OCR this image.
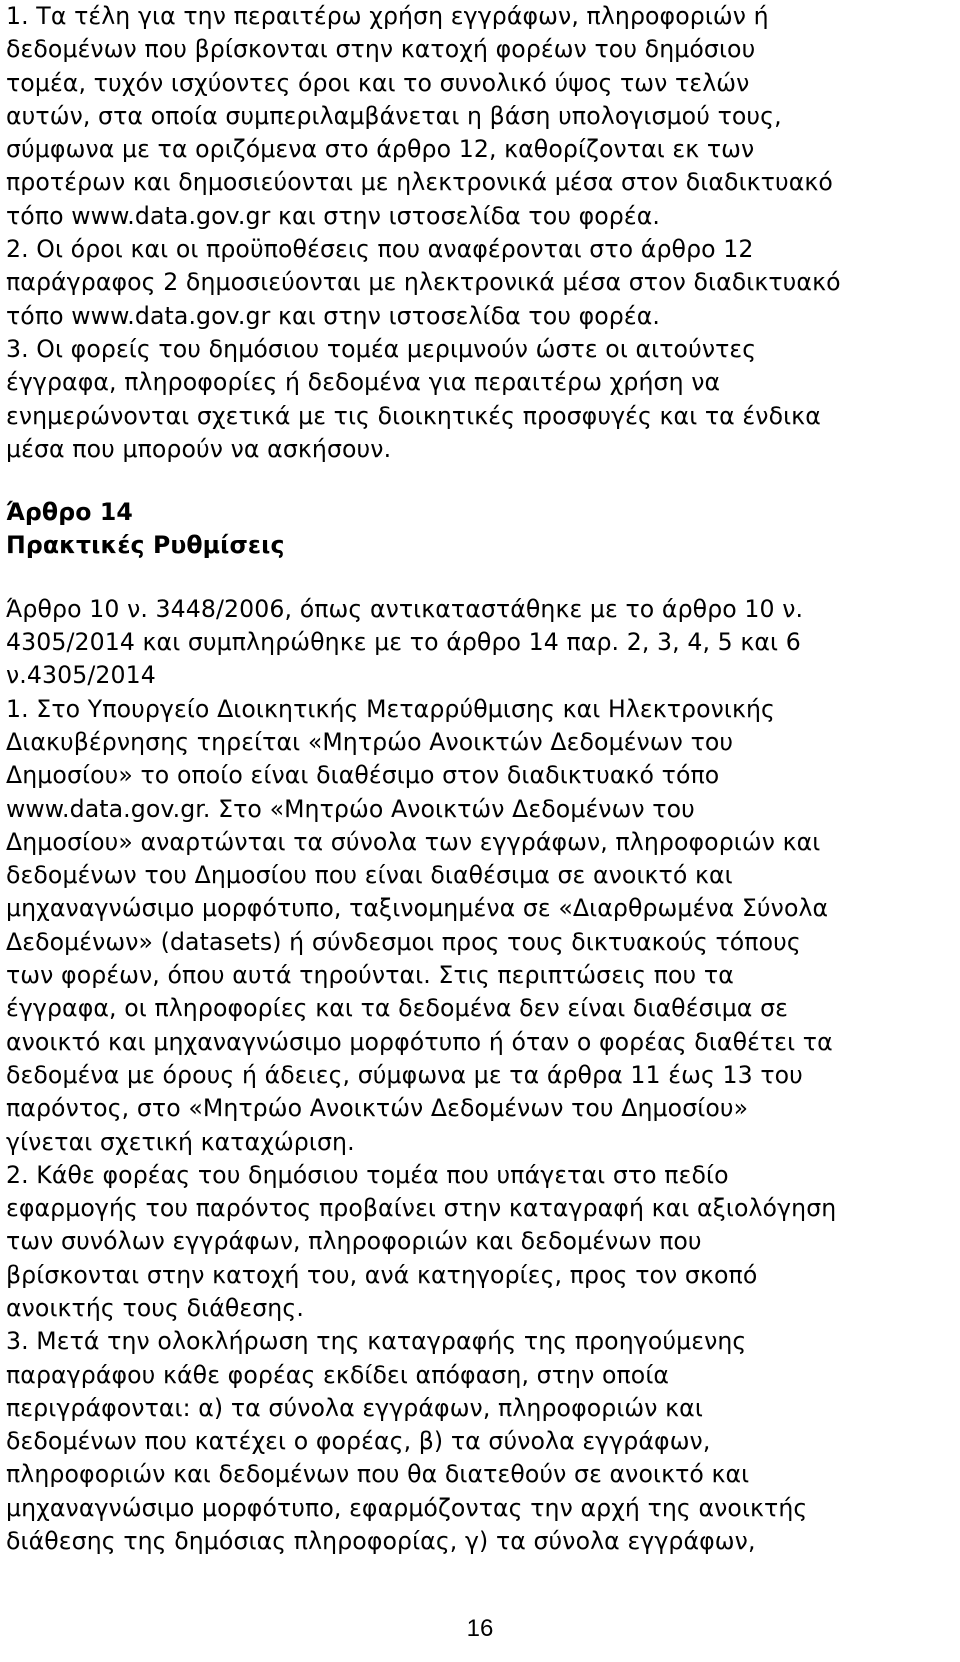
1. Τα τέλη για την περαιτέρω χρήση εγγράφων, πληροφοριών ή
δεδομένων που βρίσκονται στην κατοχή φορέων του δημόσιου
τομέα, τυχόν ισχύοντες όροι και το συνολικό ύψος των τελών
αυτών, στα οποία συμπεριλαμβάνεται η βάση υπολογισμού τους,
σύμφωνα με τα οριζόμενα στο άρθρο 12, καθορίζονται εκ των
προτέρων και δημοσιεύονται με ηλεκτρονικά μέσα στον διαδικτυακό
τόπο www.data.gov.gr και στην ιστοσελίδα του φορέα.
2. Οι όροι και οι προϋποθέσεις που αναφέρονται στο άρθρο 12
παράγραφος 2 δημοσιεύονται με ηλεκτρονικά μέσα στον διαδικτυακό
τόπο www.data.gov.gr και στην ιστοσελίδα του φορέα.
3. Οι φορείς του δημόσιου τομέα μεριμνούν ώστε οι αιτούντες
έγγραφα, πληροφορίες ή δεδομένα για περαιτέρω χρήση να
ενημερώνονται σχετικά με τις διοικητικές προσφυγές και τα ένδικα
μέσα που μπορούν να ασκήσουν.
Άρθρο 14
Πρακτικές Ρυθμίσεις
Άρθρο 10 ν. 3448/2006, όπως αντικαταστάθηκε με το άρθρο 10 ν.
4305/2014 και συμπληρώθηκε με το άρθρο 14 παρ. 2, 3, 4, 5 και 6
ν.4305/2014
1. Στο Υπουργείο Διοικητικής Μεταρρύθμισης και Ηλεκτρονικής
Διακυβέρνησης τηρείται «Μητρώο Ανοικτών Δεδομένων του
Δημοσίου» το οποίο είναι διαθέσιμο στον διαδικτυακό τόπο
www.data.gov.gr. Στο «Μητρώο Ανοικτών Δεδομένων του
Δημοσίου» αναρτώνται τα σύνολα των εγγράφων, πληροφοριών και
δεδομένων του Δημοσίου που είναι διαθέσιμα σε ανοικτό και
μηχαναγνώσιμο μορφότυπο, ταξινομημένα σε «Διαρθρωμένα Σύνολα
Δεδομένων» (datasets) ή σύνδεσμοι προς τους δικτυακούς τόπους
των φορέων, όπου αυτά τηρούνται. Στις περιπτώσεις που τα
έγγραφα, οι πληροφορίες και τα δεδομένα δεν είναι διαθέσιμα σε
ανοικτό και μηχαναγνώσιμο μορφότυπο ή όταν ο φορέας διαθέτει τα
δεδομένα με όρους ή άδειες, σύμφωνα με τα άρθρα 11 έως 13 του
παρόντος, στο «Μητρώο Ανοικτών Δεδομένων του Δημοσίου»
γίνεται σχετική καταχώριση.
2. Κάθε φορέας του δημόσιου τομέα που υπάγεται στο πεδίο
εφαρμογής του παρόντος προβαίνει στην καταγραφή και αξιολόγηση
των συνόλων εγγράφων, πληροφοριών και δεδομένων που
βρίσκονται στην κατοχή του, ανά κατηγορίες, προς τον σκοπό
ανοικτής τους διάθεσης.
3. Μετά την ολοκλήρωση της καταγραφής της προηγούμενης
παραγράφου κάθε φορέας εκδίδει απόφαση, στην οποία
περιγράφονται: α) τα σύνολα εγγράφων, πληροφοριών και
δεδομένων που κατέχει ο φορέας, β) τα σύνολα εγγράφων,
πληροφοριών και δεδομένων που θα διατεθούν σε ανοικτό και
μηχαναγνώσιμο μορφότυπο, εφαρμόζοντας την αρχή της ανοικτής
διάθεσης της δημόσιας πληροφορίας, γ) τα σύνολα εγγράφων,
16
